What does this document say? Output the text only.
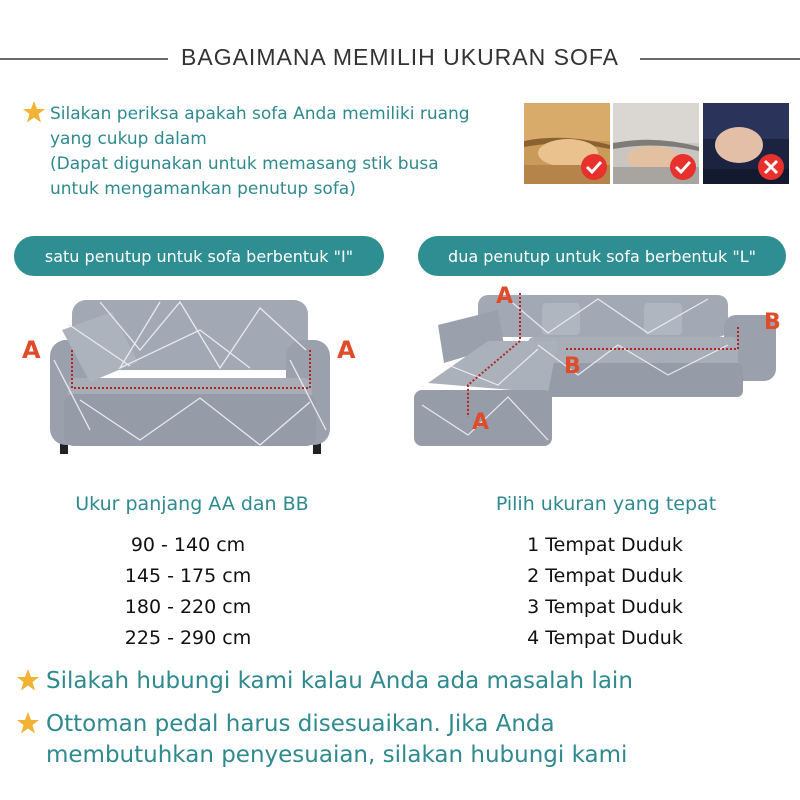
BAGAIMANA MEMILIH UKURAN SOFA
Silakan periksa apakah sofa Anda memiliki ruang
yang cukup dalam
(Dapat digunakan untuk memasang stik busa
untuk mengamankan penutup sofa)
satu penutup untuk sofa berbentuk "I"	dua penutup untuk sofa berbentuk "L"
A	A
A
A
B
B
Ukur panjang AA dan BB
90 - 140 cm
145 - 175 cm
180 - 220 cm
225 - 290 cm
Pilih ukuran yang tepat
1 Tempat Duduk
2 Tempat Duduk
3 Tempat Duduk
4 Tempat Duduk
Silakah hubungi kami kalau Anda ada masalah lain
Ottoman pedal harus disesuaikan. Jika Anda
membutuhkan penyesuaian, silakan hubungi kami
